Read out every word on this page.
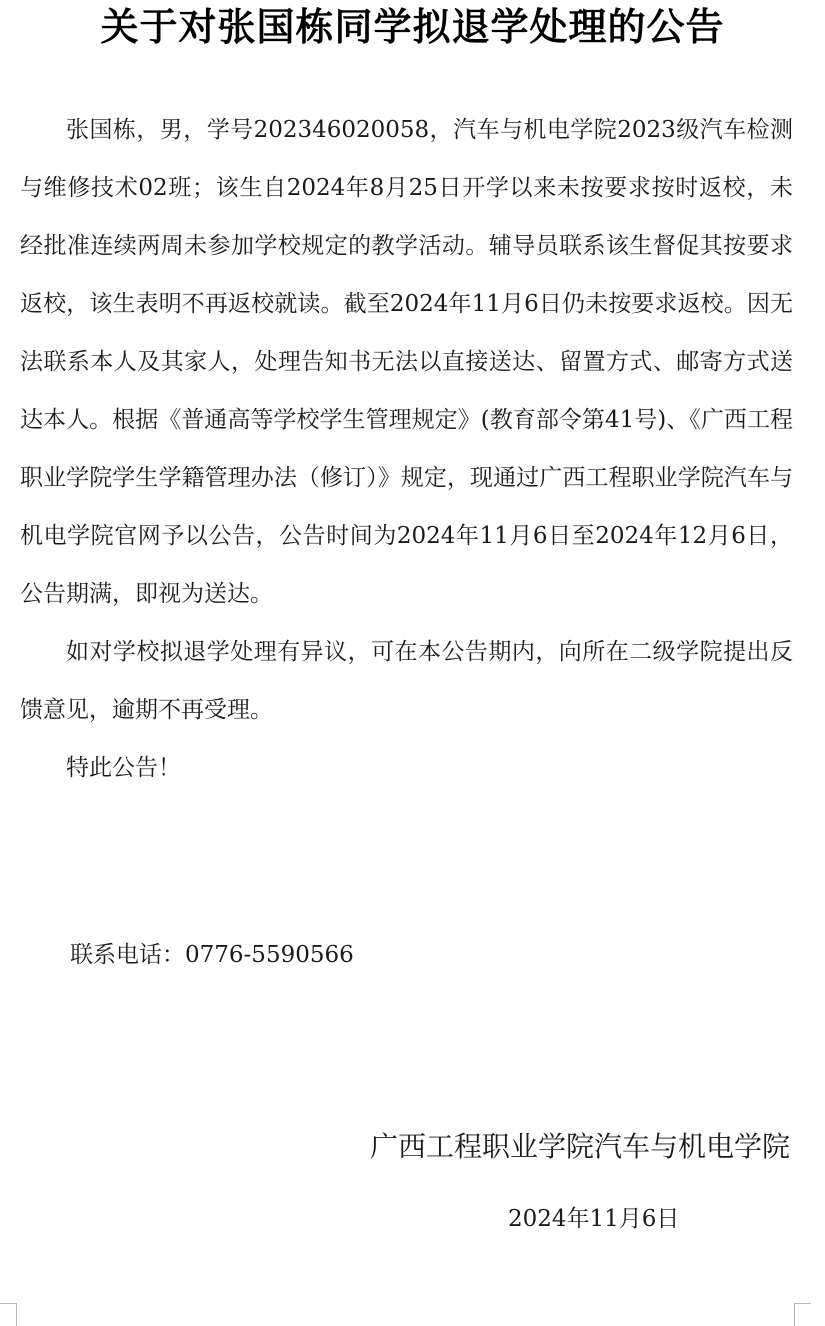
关于对张国栋同学拟退学处理的公告

张国栋，男，学号202346020058，汽车与机电学院2023级汽车检测与维修技术02班；该生自2024年8月25日开学以来未按要求按时返校，未经批准连续两周未参加学校规定的教学活动。辅导员联系该生督促其按要求返校，该生表明不再返校就读。截至2024年11月6日仍未按要求返校。因无法联系本人及其家人，处理告知书无法以直接送达、留置方式、邮寄方式送达本人。根据《普通高等学校学生管理规定》(教育部令第41号)、《广西工程职业学院学生学籍管理办法（修订）》规定，现通过广西工程职业学院汽车与机电学院官网予以公告，公告时间为2024年11月6日至2024年12月6日，公告期满，即视为送达。

如对学校拟退学处理有异议，可在本公告期内，向所在二级学院提出反馈意见，逾期不再受理。

特此公告！

联系电话：0776-5590566
广西工程职业学院汽车与机电学院
2024年11月6日
